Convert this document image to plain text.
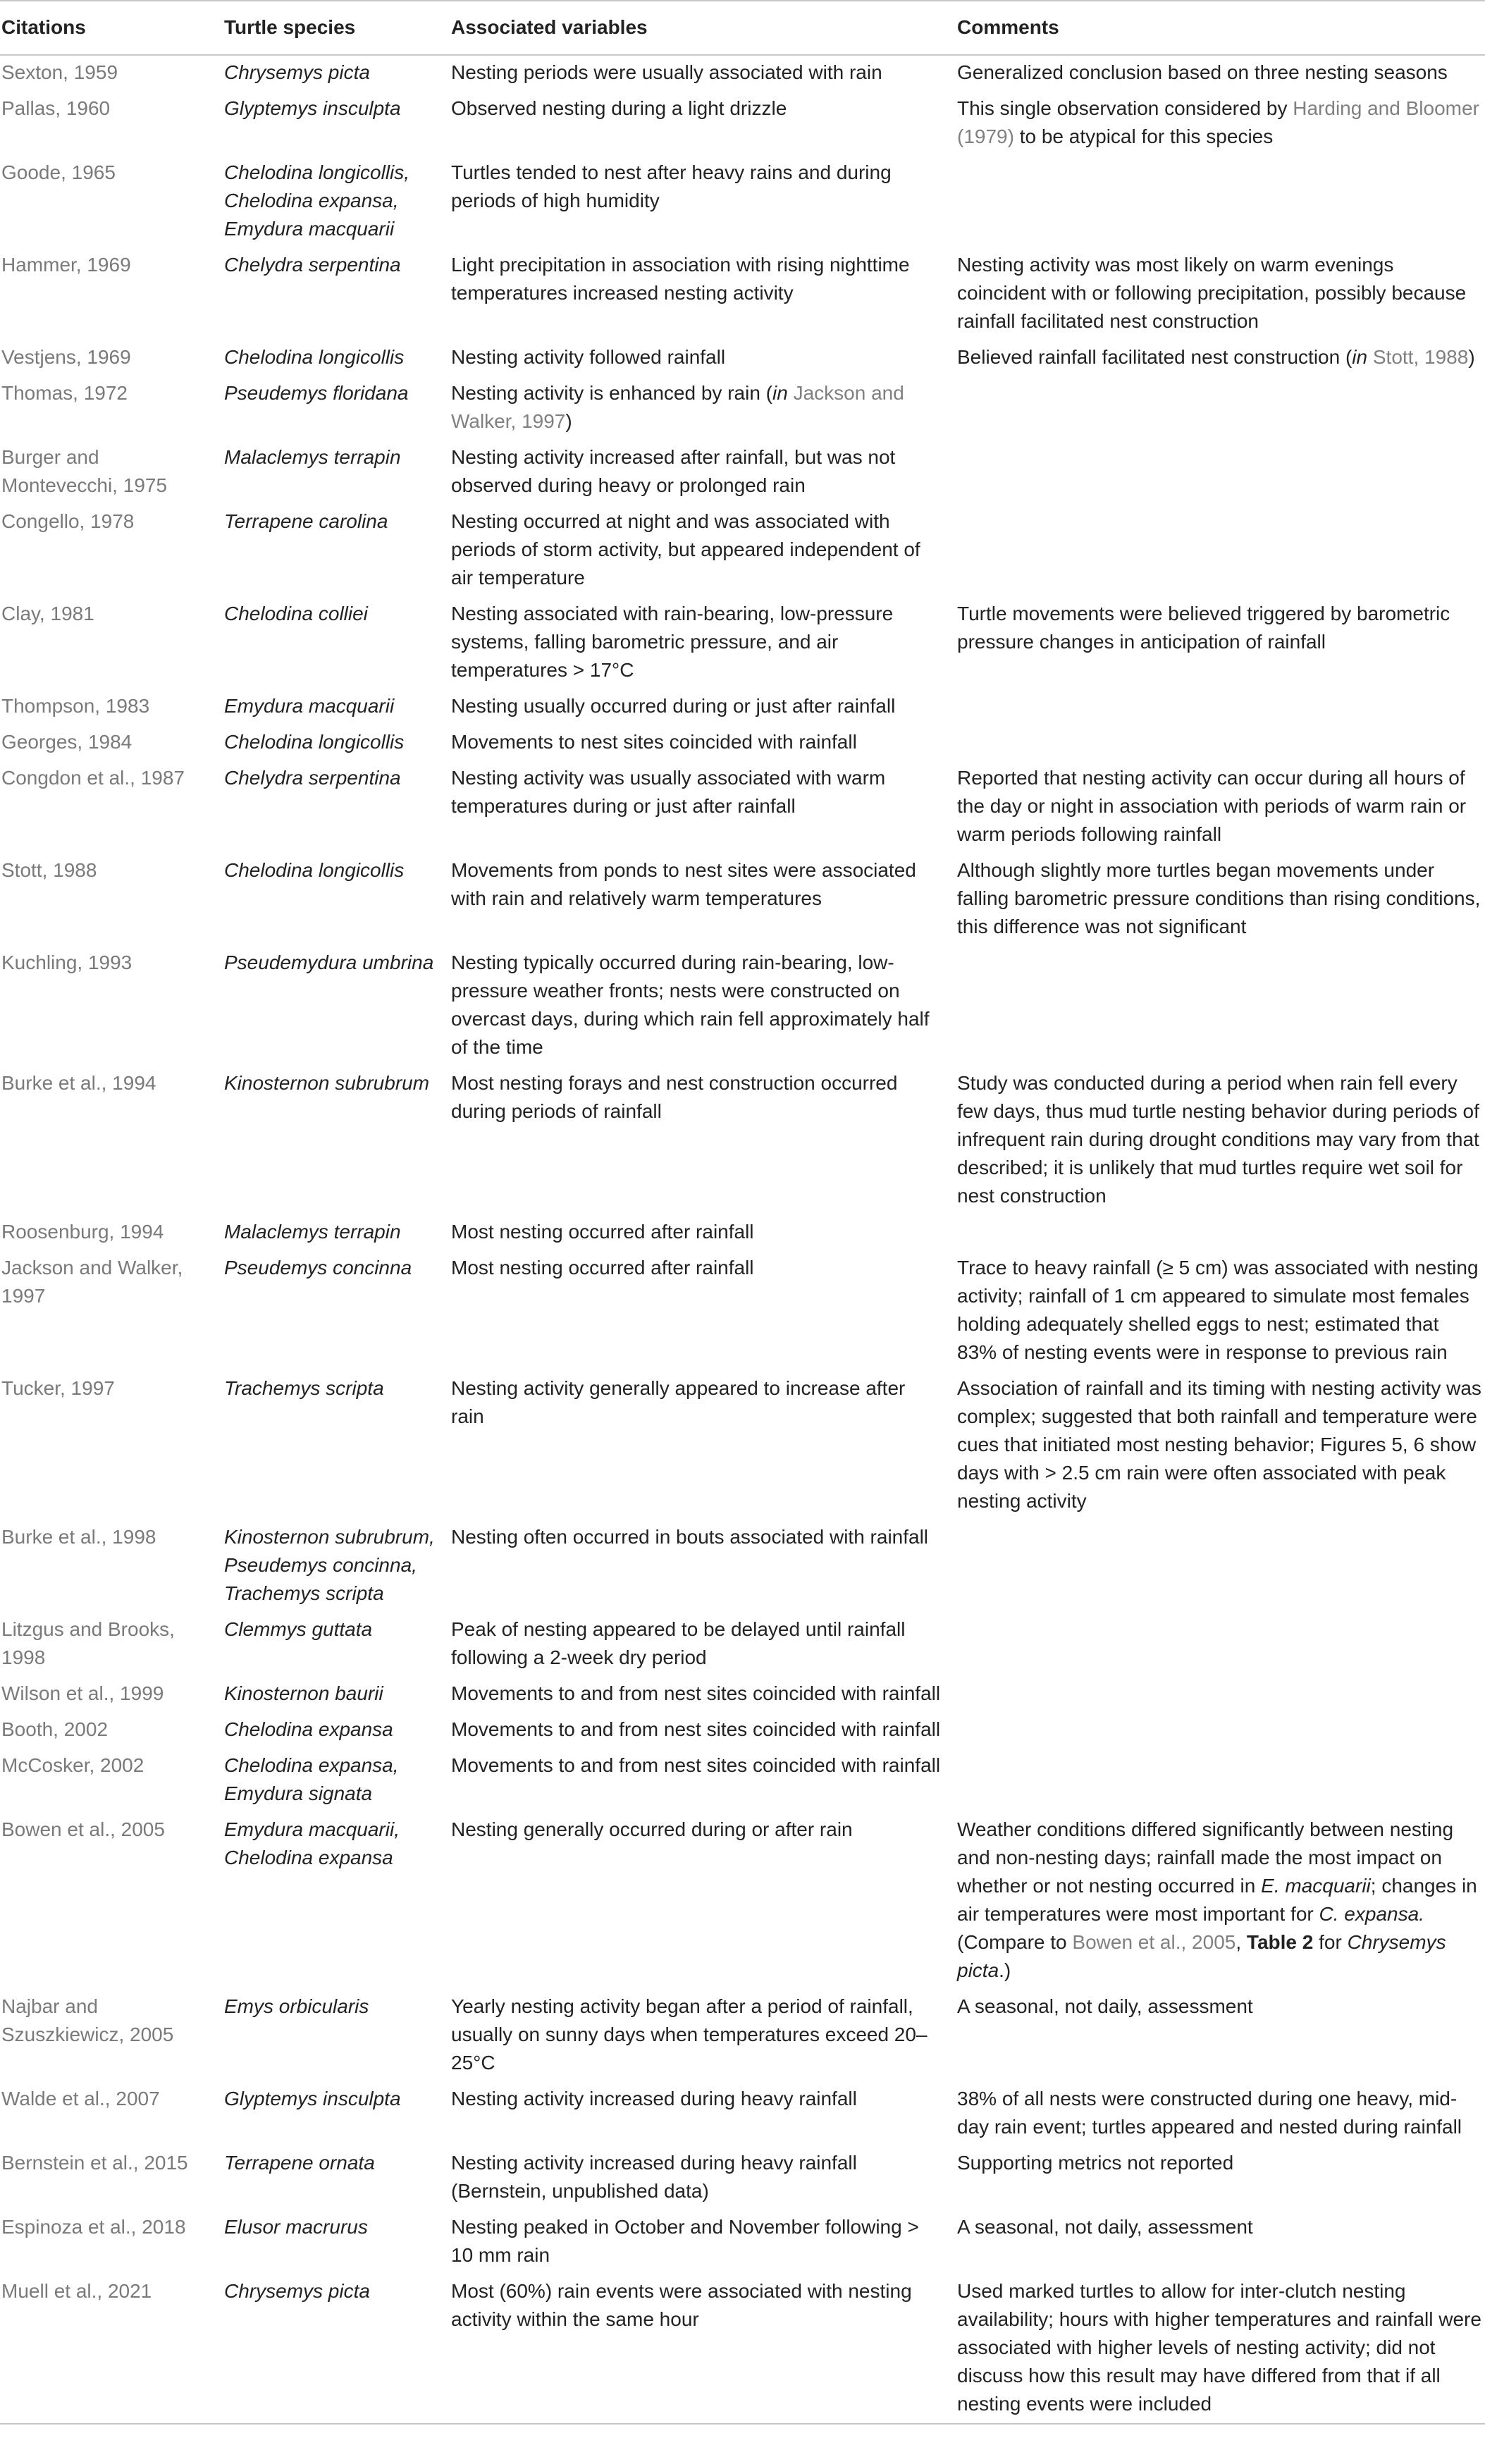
Citations	Turtle species	Associated variables	Comments
Sexton, 1959	Chrysemys picta	Nesting periods were usually associated with rain	Generalized conclusion based on three nesting seasons
Pallas, 1960	Glyptemys insculpta	Observed nesting during a light drizzle	This single observation considered by Harding and Bloomer (1979) to be atypical for this species
Goode, 1965	Chelodina longicollis, Chelodina expansa, Emydura macquarii	Turtles tended to nest after heavy rains and during periods of high humidity	
Hammer, 1969	Chelydra serpentina	Light precipitation in association with rising nighttime temperatures increased nesting activity	Nesting activity was most likely on warm evenings coincident with or following precipitation, possibly because rainfall facilitated nest construction
Vestjens, 1969	Chelodina longicollis	Nesting activity followed rainfall	Believed rainfall facilitated nest construction (in Stott, 1988)
Thomas, 1972	Pseudemys floridana	Nesting activity is enhanced by rain (in Jackson and Walker, 1997)	
Burger and Montevecchi, 1975	Malaclemys terrapin	Nesting activity increased after rainfall, but was not observed during heavy or prolonged rain	
Congello, 1978	Terrapene carolina	Nesting occurred at night and was associated with periods of storm activity, but appeared independent of air temperature	
Clay, 1981	Chelodina colliei	Nesting associated with rain-bearing, low-pressure systems, falling barometric pressure, and air temperatures > 17°C	Turtle movements were believed triggered by barometric pressure changes in anticipation of rainfall
Thompson, 1983	Emydura macquarii	Nesting usually occurred during or just after rainfall	
Georges, 1984	Chelodina longicollis	Movements to nest sites coincided with rainfall	
Congdon et al., 1987	Chelydra serpentina	Nesting activity was usually associated with warm temperatures during or just after rainfall	Reported that nesting activity can occur during all hours of the day or night in association with periods of warm rain or warm periods following rainfall
Stott, 1988	Chelodina longicollis	Movements from ponds to nest sites were associated with rain and relatively warm temperatures	Although slightly more turtles began movements under falling barometric pressure conditions than rising conditions, this difference was not significant
Kuchling, 1993	Pseudemydura umbrina	Nesting typically occurred during rain-bearing, low-pressure weather fronts; nests were constructed on overcast days, during which rain fell approximately half of the time	
Burke et al., 1994	Kinosternon subrubrum	Most nesting forays and nest construction occurred during periods of rainfall	Study was conducted during a period when rain fell every few days, thus mud turtle nesting behavior during periods of infrequent rain during drought conditions may vary from that described; it is unlikely that mud turtles require wet soil for nest construction
Roosenburg, 1994	Malaclemys terrapin	Most nesting occurred after rainfall	
Jackson and Walker, 1997	Pseudemys concinna	Most nesting occurred after rainfall	Trace to heavy rainfall (≥ 5 cm) was associated with nesting activity; rainfall of 1 cm appeared to simulate most females holding adequately shelled eggs to nest; estimated that 83% of nesting events were in response to previous rain
Tucker, 1997	Trachemys scripta	Nesting activity generally appeared to increase after rain	Association of rainfall and its timing with nesting activity was complex; suggested that both rainfall and temperature were cues that initiated most nesting behavior; Figures 5, 6 show days with > 2.5 cm rain were often associated with peak nesting activity
Burke et al., 1998	Kinosternon subrubrum, Pseudemys concinna, Trachemys scripta	Nesting often occurred in bouts associated with rainfall	
Litzgus and Brooks, 1998	Clemmys guttata	Peak of nesting appeared to be delayed until rainfall following a 2-week dry period	
Wilson et al., 1999	Kinosternon baurii	Movements to and from nest sites coincided with rainfall	
Booth, 2002	Chelodina expansa	Movements to and from nest sites coincided with rainfall	
McCosker, 2002	Chelodina expansa, Emydura signata	Movements to and from nest sites coincided with rainfall	
Bowen et al., 2005	Emydura macquarii, Chelodina expansa	Nesting generally occurred during or after rain	Weather conditions differed significantly between nesting and non-nesting days; rainfall made the most impact on whether or not nesting occurred in E. macquarii; changes in air temperatures were most important for C. expansa. (Compare to Bowen et al., 2005, Table 2 for Chrysemys picta.)
Najbar and Szuszkiewicz, 2005	Emys orbicularis	Yearly nesting activity began after a period of rainfall, usually on sunny days when temperatures exceed 20–25°C	A seasonal, not daily, assessment
Walde et al., 2007	Glyptemys insculpta	Nesting activity increased during heavy rainfall	38% of all nests were constructed during one heavy, mid-day rain event; turtles appeared and nested during rainfall
Bernstein et al., 2015	Terrapene ornata	Nesting activity increased during heavy rainfall (Bernstein, unpublished data)	Supporting metrics not reported
Espinoza et al., 2018	Elusor macrurus	Nesting peaked in October and November following > 10 mm rain	A seasonal, not daily, assessment
Muell et al., 2021	Chrysemys picta	Most (60%) rain events were associated with nesting activity within the same hour	Used marked turtles to allow for inter-clutch nesting availability; hours with higher temperatures and rainfall were associated with higher levels of nesting activity; did not discuss how this result may have differed from that if all nesting events were included
